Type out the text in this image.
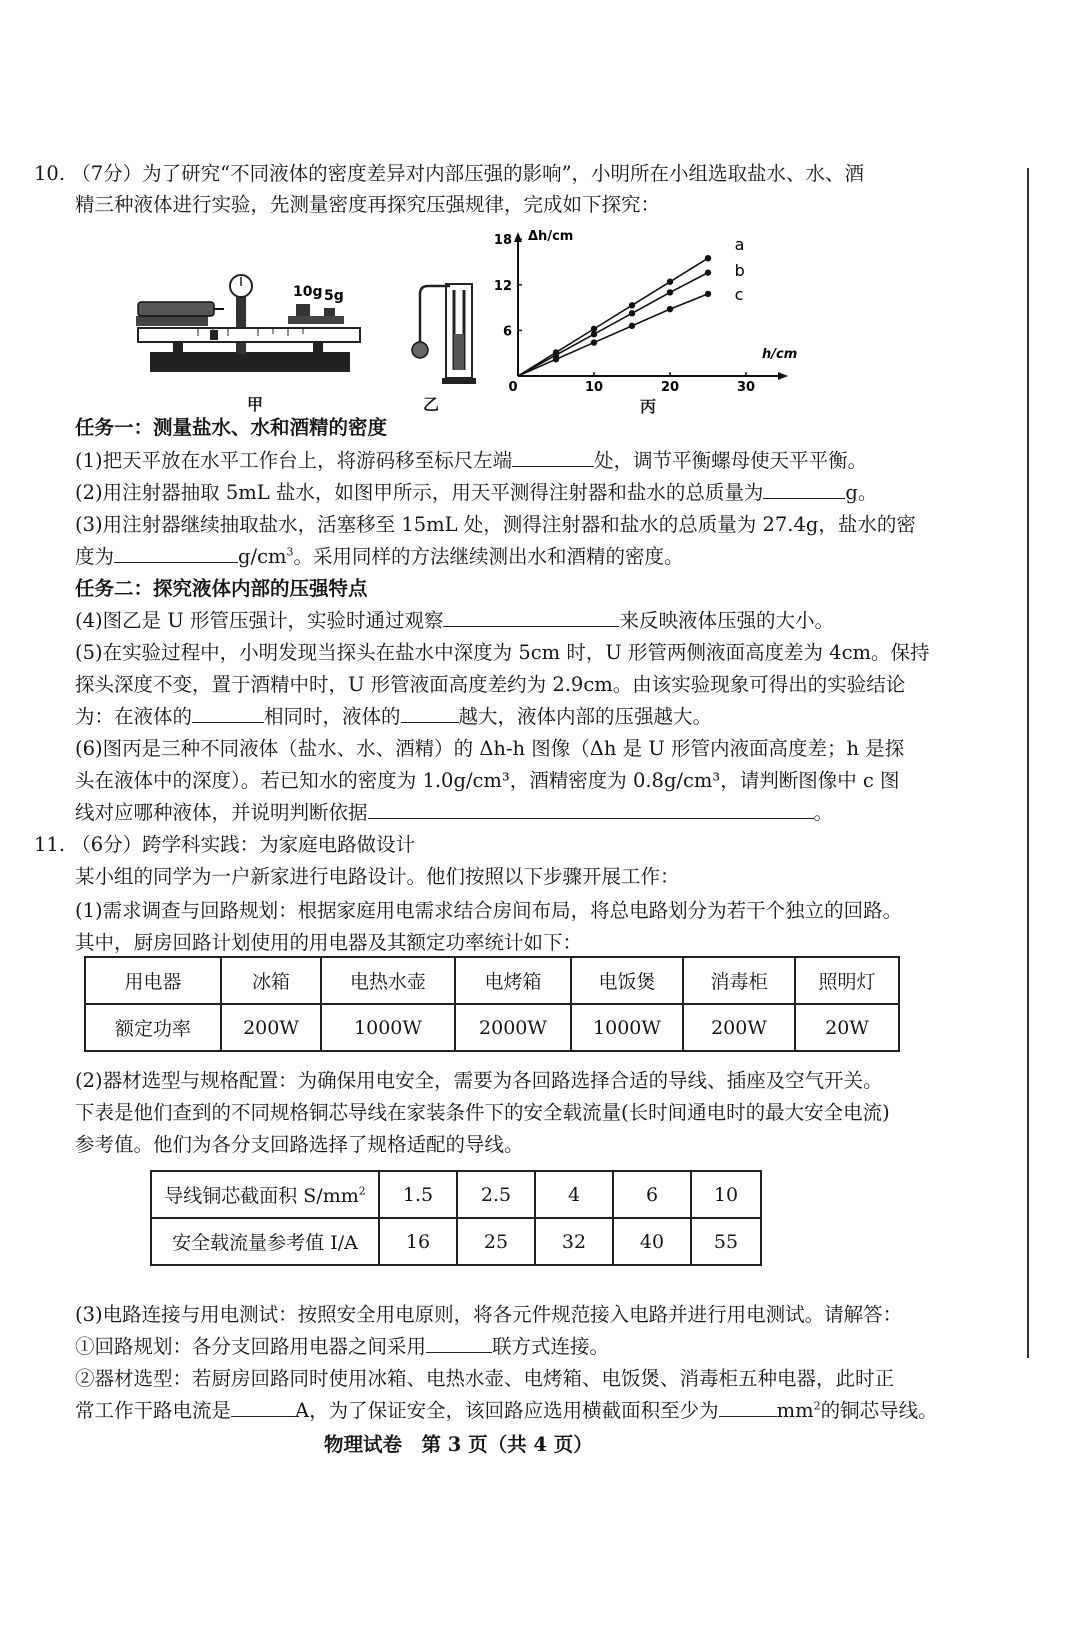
10. （7分）为了研究“不同液体的密度差异对内部压强的影响”，小明所在小组选取盐水、水、酒
精三种液体进行实验，先测量密度再探究压强规律，完成如下探究：
10g 5g
甲	乙
Δh/cm
h/cm
0	10	20	30
6
12
18	a
b
c
丙
任务一：测量盐水、水和酒精的密度
(1)把天平放在水平工作台上，将游码移至标尺左端	处，调节平衡螺母使天平平衡。
(2)用注射器抽取 5mL 盐水，如图甲所示，用天平测得注射器和盐水的总质量为	g。
(3)用注射器继续抽取盐水，活塞移至 15mL 处，测得注射器和盐水的总质量为 27.4g，盐水的密
度为	$g/cm^3$。采用同样的方法继续测出水和酒精的密度。
任务二：探究液体内部的压强特点
(4)图乙是 U 形管压强计，实验时通过观察	来反映液体压强的大小。
(5)在实验过程中，小明发现当探头在盐水中深度为 5cm 时，U 形管两侧液面高度差为 4cm。保持
探头深度不变，置于酒精中时，U 形管液面高度差约为 2.9cm。由该实验现象可得出的实验结论
为：在液体的	相同时，液体的	越大，液体内部的压强越大。
(6)图丙是三种不同液体（盐水、水、酒精）的 Δh-h 图像（Δh 是 U 形管内液面高度差；h 是探
头在液体中的深度）。若已知水的密度为 1.0g/cm³，酒精密度为 0.8g/cm³，请判断图像中 c 图
线对应哪种液体，并说明判断依据	。
11. （6分）跨学科实践：为家庭电路做设计
某小组的同学为一户新家进行电路设计。他们按照以下步骤开展工作：
(1)需求调查与回路规划：根据家庭用电需求结合房间布局，将总电路划分为若干个独立的回路。
其中，厨房回路计划使用的用电器及其额定功率统计如下：
用电器	冰箱	电热水壶	电烤箱	电饭煲	消毒柜	照明灯
额定功率	200W	1000W	2000W	1000W	200W	20W
(2)器材选型与规格配置：为确保用电安全，需要为各回路选择合适的导线、插座及空气开关。
下表是他们查到的不同规格铜芯导线在家装条件下的安全载流量(长时间通电时的最大安全电流)
参考值。他们为各分支回路选择了规格适配的导线。
导线铜芯截面积 $S/mm^2$	1.5	2.5	4	6	10
安全载流量参考值 I/A	16	25	32	40	55
(3)电路连接与用电测试：按照安全用电原则，将各元件规范接入电路并进行用电测试。请解答：
①回路规划：各分支回路用电器之间采用	联方式连接。
②器材选型：若厨房回路同时使用冰箱、电热水壶、电烤箱、电饭煲、消毒柜五种电器，此时正
常工作干路电流是	A，为了保证安全，该回路应选用横截面积至少为	$mm^2$的铜芯导线。
物理试卷　第 3 页（共 4 页）
